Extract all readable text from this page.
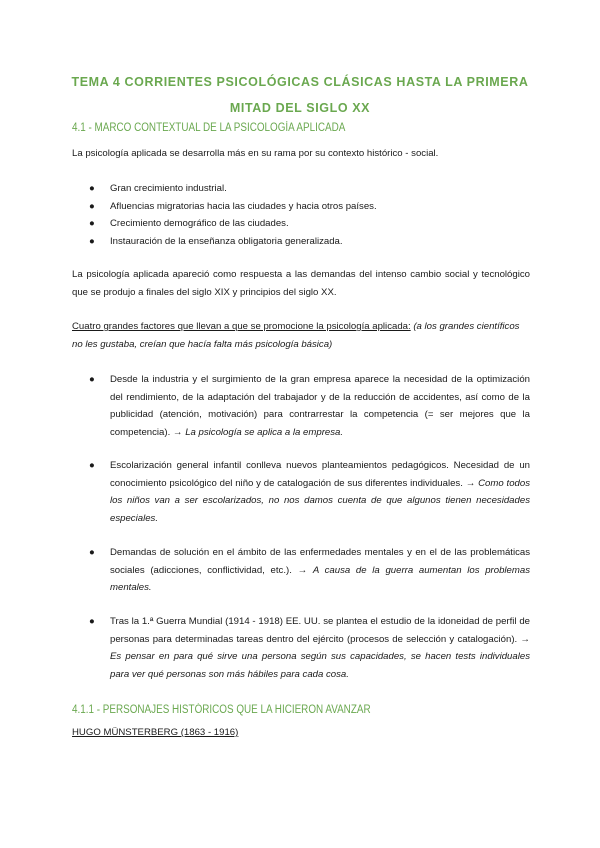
TEMA 4 CORRIENTES PSICOLÓGICAS CLÁSICAS HASTA LA PRIMERA
MITAD DEL SIGLO XX
4.1 - MARCO CONTEXTUAL DE LA PSICOLOGÍA APLICADA
La psicología aplicada se desarrolla más en su rama por su contexto histórico - social.
● Gran crecimiento industrial.
● Afluencias migratorias hacia las ciudades y hacia otros países.
● Crecimiento demográfico de las ciudades.
● Instauración de la enseñanza obligatoria generalizada.
La psicología aplicada apareció como respuesta a las demandas del intenso cambio social y tecnológico que se produjo a finales del siglo XIX y principios del siglo XX.
Cuatro grandes factores que llevan a que se promocione la psicología aplicada: (a los grandes científicos no les gustaba, creían que hacía falta más psicología básica)
● Desde la industria y el surgimiento de la gran empresa aparece la necesidad de la optimización del rendimiento, de la adaptación del trabajador y de la reducción de accidentes, así como de la publicidad (atención, motivación) para contrarrestar la competencia (= ser mejores que la competencia). → La psicología se aplica a la empresa.
● Escolarización general infantil conlleva nuevos planteamientos pedagógicos. Necesidad de un conocimiento psicológico del niño y de catalogación de sus diferentes individuales. → Como todos los niños van a ser escolarizados, no nos damos cuenta de que algunos tienen necesidades especiales.
● Demandas de solución en el ámbito de las enfermedades mentales y en el de las problemáticas sociales (adicciones, conflictividad, etc.). → A causa de la guerra aumentan los problemas mentales.
● Tras la 1.ª Guerra Mundial (1914 - 1918) EE. UU. se plantea el estudio de la idoneidad de perfil de personas para determinadas tareas dentro del ejército (procesos de selección y catalogación). → Es pensar en para qué sirve una persona según sus capacidades, se hacen tests individuales para ver qué personas son más hábiles para cada cosa.
4.1.1 - PERSONAJES HISTÓRICOS QUE LA HICIERON AVANZAR
HUGO MÜNSTERBERG (1863 - 1916)
